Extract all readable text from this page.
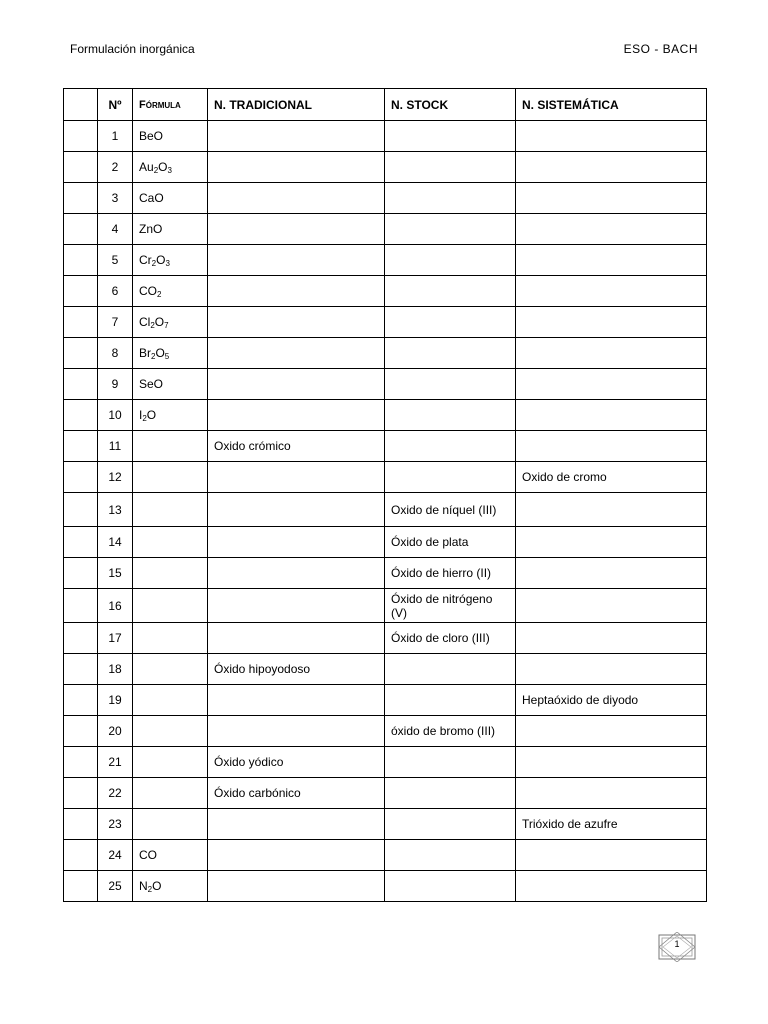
Formulación inorgánica	ESO - BACH
	Nº	Fórmula	N. TRADICIONAL	N. STOCK	N. SISTEMÁTICA
	1	BeO			
	2	$Au_2O_3$			
	3	CaO			
	4	ZnO			
	5	$Cr_2O_3$			
	6	$CO_2$			
	7	$Cl_2O_7$			
	8	$Br_2O_5$			
	9	SeO			
	10	$I_2O$			
	11		Oxido crómico		
	12				Oxido de cromo
	13			Oxido de níquel (III)	
	14			Óxido de plata	
	15			Óxido de hierro (II)	
	16			Óxido de nitrógeno (V)	
	17			Óxido de cloro (III)	
	18		Óxido hipoyodoso		
	19				Heptaóxido de diyodo
	20			óxido de bromo (III)	
	21		Óxido yódico		
	22		Óxido carbónico		
	23				Trióxido de azufre
	24	CO			
	25	$N_2O$			
1
